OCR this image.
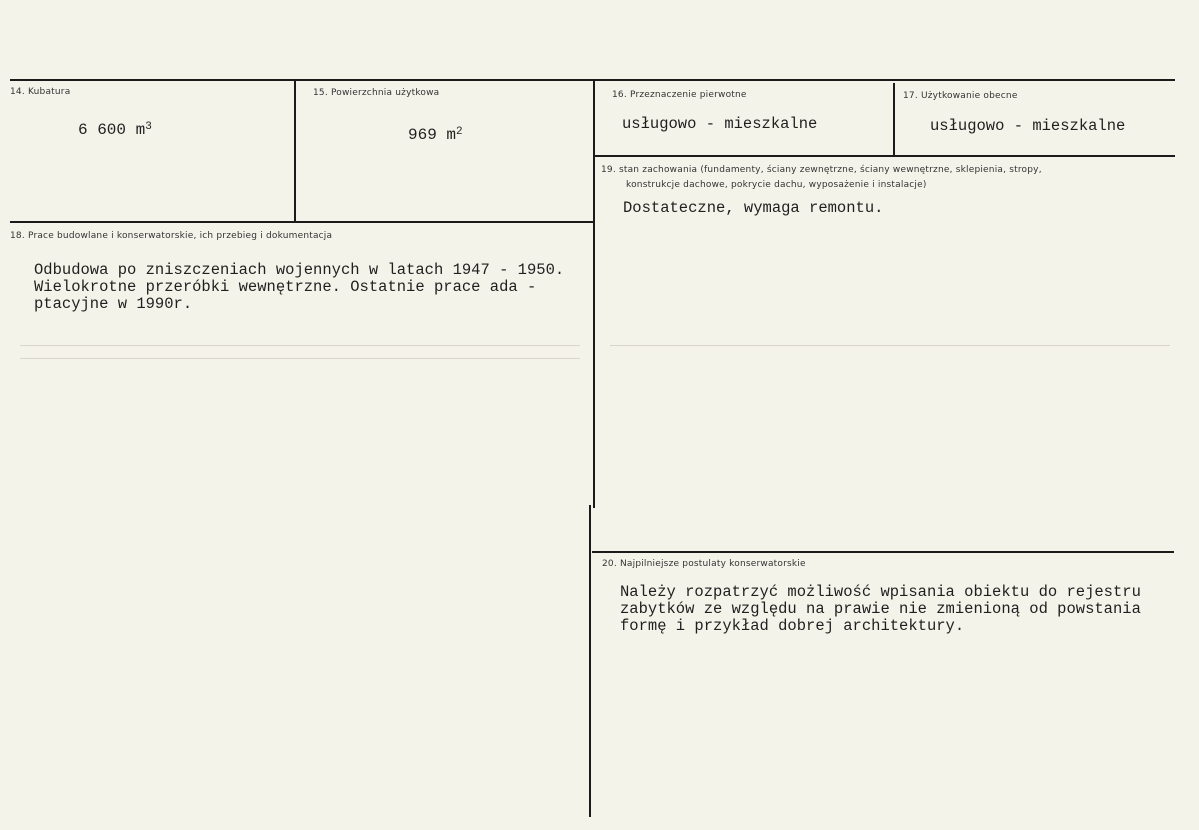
14. Kubatura
6 600 $m^3$
15. Powierzchnia użytkowa
969 $m^2$
16. Przeznaczenie pierwotne
usługowo - mieszkalne
17. Użytkowanie obecne
usługowo - mieszkalne
18. Prace budowlane i konserwatorskie, ich przebieg i dokumentacja
Odbudowa po zniszczeniach wojennych w latach 1947 - 1950.
Wielokrotne przeróbki wewnętrzne. Ostatnie prace ada -
ptacyjne w 1990r.
19. stan zachowania (fundamenty, ściany zewnętrzne, ściany wewnętrzne, sklepienia, stropy,
konstrukcje dachowe, pokrycie dachu, wyposażenie i instalacje)
Dostateczne, wymaga remontu.
20. Najpilniejsze postulaty konserwatorskie
Należy rozpatrzyć możliwość wpisania obiektu do rejestru
zabytków ze względu na prawie nie zmienioną od powstania
formę i przykład dobrej architektury.
